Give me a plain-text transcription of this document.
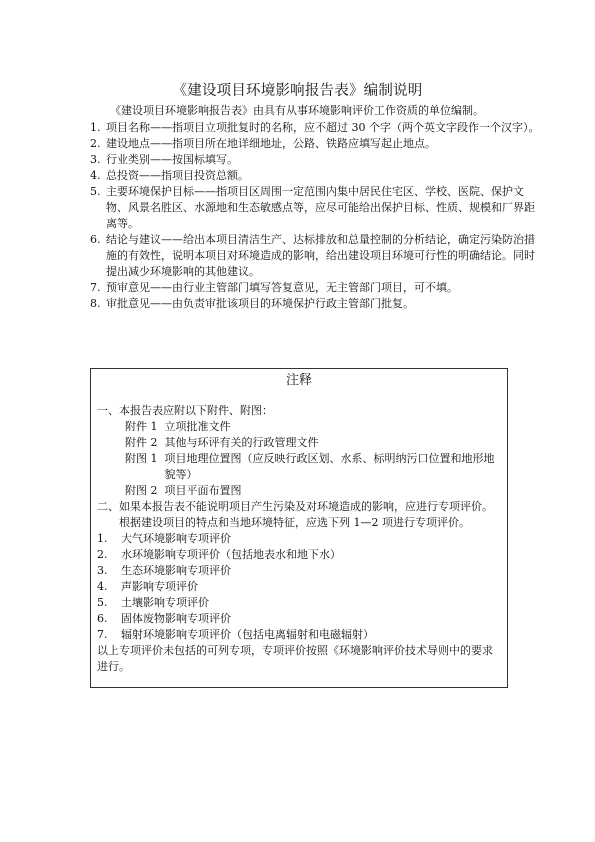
《建设项目环境影响报告表》编制说明
《建设项目环境影响报告表》由具有从事环境影响评价工作资质的单位编制。
1. 项目名称——指项目立项批复时的名称，应不超过 30 个字（两个英文字段作一个汉字）。
2. 建设地点——指项目所在地详细地址，公路、铁路应填写起止地点。
3. 行业类别——按国标填写。
4. 总投资——指项目投资总额。
5. 主要环境保护目标——指项目区周围一定范围内集中居民住宅区、学校、医院、保护文物、风景名胜区、水源地和生态敏感点等，应尽可能给出保护目标、性质、规模和厂界距离等。
6. 结论与建议——给出本项目清洁生产、达标排放和总量控制的分析结论，确定污染防治措施的有效性，说明本项目对环境造成的影响，给出建设项目环境可行性的明确结论。同时提出减少环境影响的其他建议。
7. 预审意见——由行业主管部门填写答复意见，无主管部门项目，可不填。
8. 审批意见——由负责审批该项目的环境保护行政主管部门批复。
注释
一、本报告表应附以下附件、附图：
附件 1
立项批准文件
附件 2
其他与环评有关的行政管理文件
附图 1
项目地理位置图（应反映行政区划、水系、标明纳污口位置和地形地貌等）
附图 2
项目平面布置图
二、 如果本报告表不能说明项目产生污染及对环境造成的影响，应进行专项评价。根据建设项目的特点和当地环境特征，应选下列 1—2 项进行专项评价。
1.
大气环境影响专项评价
2.
水环境影响专项评价（包括地表水和地下水）
3.
生态环境影响专项评价
4.
声影响专项评价
5.
土壤影响专项评价
6.
固体废物影响专项评价
7.
辐射环境影响专项评价（包括电离辐射和电磁辐射）
以上专项评价未包括的可列专项，专项评价按照《环境影响评价技术导则中的要求进行。
